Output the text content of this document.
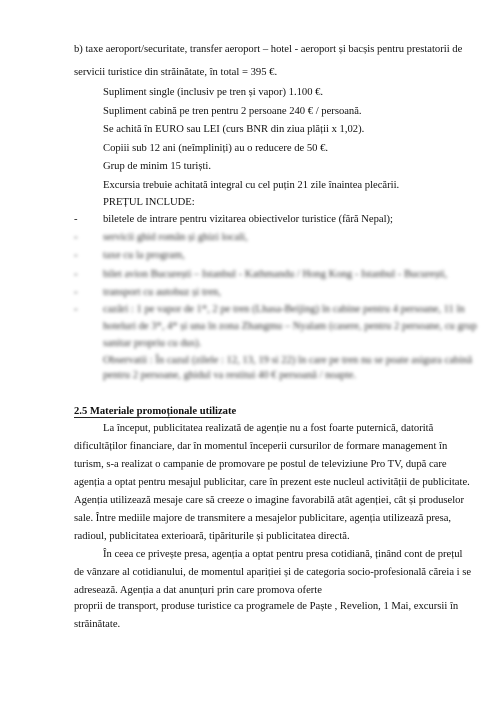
b) taxe aeroport/securitate, transfer aeroport – hotel - aeroport și bacșis pentru prestatorii de
servicii turistice din străinătate, în total = 395 €.
Supliment single (inclusiv pe tren și vapor) 1.100 €.
Supliment cabină pe tren pentru 2 persoane 240 € / persoană.
Se achită în EURO sau LEI (curs BNR din ziua plății x 1,02).
Copiii sub 12 ani (neîmpliniți) au o reducere de 50 €.
Grup de minim 15 turiști.
Excursia trebuie achitată integral cu cel puțin 21 zile înaintea plecării.
PREȚUL INCLUDE:
- biletele de intrare pentru vizitarea obiectivelor turistice (fără Nepal);
- servicii ghid român și ghizi locali,
- taxe cu la program,
- bilet avion București – Istanbul - Kathmandu / Hong Kong - Istanbul - București,
- transport cu autobuz și tren,
- cazări : 1 pe vapor de 1*, 2 pe tren (Lhasa-Beijing) în cabine pentru 4 persoane, 11 în
hoteluri de 3*, 4* și una în zona Zhangmu – Nyalam (casere, pentru 2 persoane, cu grup
sanitar propriu cu dus).
Observatii : În cazul (zilele : 12, 13, 19 si 22) în care pe tren nu se poate asigura cabină
pentru 2 persoane, ghidul va restitui 40 € persoană / noapte.
2.5 Materiale promoționale utilizate
La început, publicitatea realizată de agenție nu a fost foarte puternică, datorită
dificultăților financiare, dar în momentul începerii cursurilor de formare management în
turism, s-a realizat o campanie de promovare pe postul de televiziune Pro TV, după care
agenția a optat pentru mesajul publicitar, care în prezent este nucleul activității de publicitate.
Agenția utilizează mesaje care să creeze o imagine favorabilă atât agenției, cât și produselor
sale. Între mediile majore de transmitere a mesajelor publicitare, agenția utilizează presa,
radioul, publicitatea exterioară, tipăriturile și publicitatea directă.
În ceea ce privește presa, agenția a optat pentru presa cotidiană, ținând cont de prețul
de vânzare al cotidianului, de momentul apariției și de categoria socio-profesională căreia i se
adresează. Agenția a dat anunțuri prin care promova oferte
proprii de transport, produse turistice ca programele de Paște , Revelion, 1 Mai, excursii în
străinătate.
